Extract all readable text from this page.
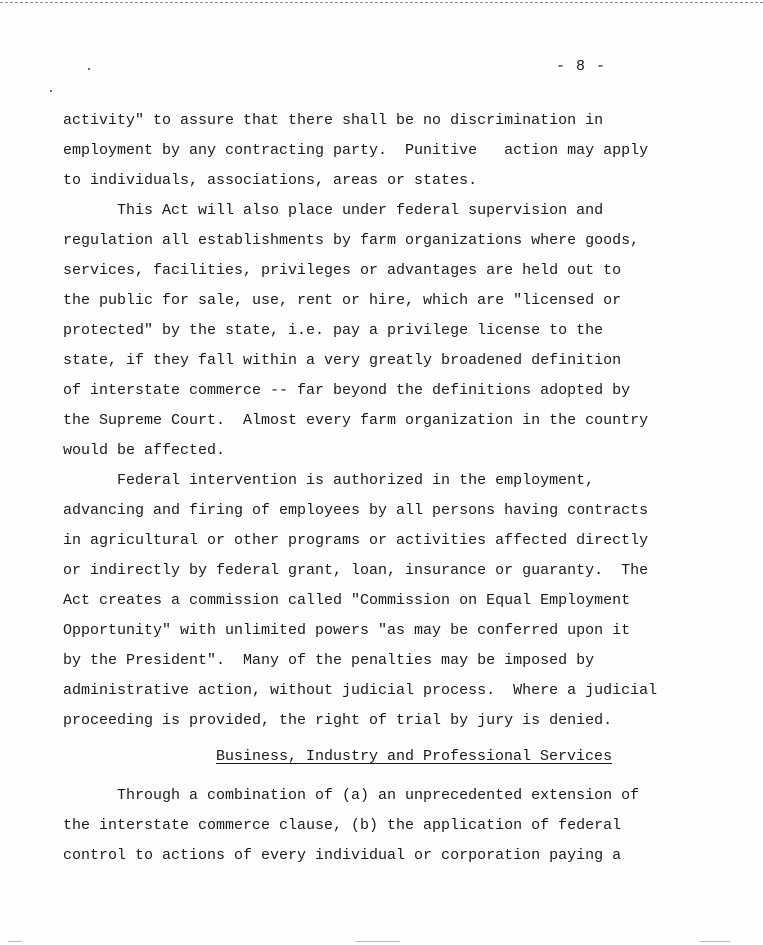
- 8 -
activity" to assure that there shall be no discrimination in
employment by any contracting party.  Punitive   action may apply
to individuals, associations, areas or states.
This Act will also place under federal supervision and
regulation all establishments by farm organizations where goods,
services, facilities, privileges or advantages are held out to
the public for sale, use, rent or hire, which are "licensed or
protected" by the state, i.e. pay a privilege license to the
state, if they fall within a very greatly broadened definition
of interstate commerce -- far beyond the definitions adopted by
the Supreme Court.  Almost every farm organization in the country
would be affected.
Federal intervention is authorized in the employment,
advancing and firing of employees by all persons having contracts
in agricultural or other programs or activities affected directly
or indirectly by federal grant, loan, insurance or guaranty.  The
Act creates a commission called "Commission on Equal Employment
Opportunity" with unlimited powers "as may be conferred upon it
by the President".  Many of the penalties may be imposed by
administrative action, without judicial process.  Where a judicial
proceeding is provided, the right of trial by jury is denied.
Business, Industry and Professional Services
Through a combination of (a) an unprecedented extension of
the interstate commerce clause, (b) the application of federal
control to actions of every individual or corporation paying a
